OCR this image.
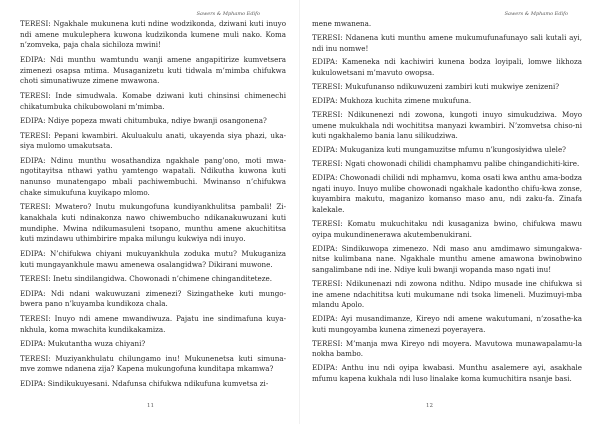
Sawers & Mphamo Edifo

TERESI: Ngakhale mukunena kuti ndine wodzikonda, dziwani kuti inuyo ndi amene mukulephera kuwona kudzikonda kumene muli nako. Koma n’zomveka, paja chala sichiloza mwini!

EDIPA: Ndi munthu wamtundu wanji amene angapitirize kumvetsera zimenezi osapsa mtima. Musaganizetu kuti tidwala m’mimba chifukwa choti simunatiwuze zimene mwawona.

TERESI: Inde simudwala. Komabe dziwani kuti chinsinsi chimenechi chikatumbuka chikubowolani m’mimba.

EDIPA: Ndiye popeza mwati chitumbuka, ndiye bwanji osangonena?

TERESI: Pepani kwambiri. Akuluakulu anati, ukayenda siya phazi, uka-siya mulomo umakutsata.

EDIPA: Ndinu munthu wosathandiza ngakhale pang’ono, moti mwa-ngotitayitsa nthawi yathu yamtengo wapatali. Ndikutha kuwona kuti nanunso munatengapo mbali pachiwembuchi. Mwinanso n’chifukwa chake simukufuna kuyikapo mlomo.

TERESI: Mwatero? Inutu mukungofuna kundiyankhulitsa pambali! Zi-kanakhala kuti ndinakonza nawo chiwembucho ndikanakuwuzani kuti mundiphe. Mwina ndikumasuleni tsopano, munthu amene akuchititsa kuti mzindawu uthimbirire mpaka milungu kukwiya ndi inuyo.

EDIPA: N’chifukwa chiyani mukuyankhula zoduka mutu? Mukuganiza kuti mungayankhule mawu amenewa osalangidwa? Dikirani muwone.

TERESI: Inetu sindilangidwa. Chowonadi n’chimene chinganditeteze.

EDIPA: Ndi ndani wakuwuzani zimenezi? Sizingatheke kuti mungo-bwera pano n’kuyamba kundikoza chala.

TERESI: Inuyo ndi amene mwandiwuza. Pajatu ine sindimafuna kuya-nkhula, koma mwachita kundikakamiza.

EDIPA: Mukutantha wuza chiyani?

TERESI: Muziyankhulatu chilungamo inu! Mukunenetsa kuti simuna-mve zomwe ndanena zija? Kapena mukungofuna kunditapa mkamwa?

EDIPA: Sindikukuyesani. Ndafunsa chifukwa ndikufuna kumvetsa zi-

11
Sawers & Mphamo Edifo

mene mwanena.

TERESI: Ndanena kuti munthu amene mukumufunafunayo sali kutali ayi, ndi inu nomwe!

EDIPA: Kameneka ndi kachiwiri kunena bodza loyipali, lomwe likhoza kukulowetsani m’mavuto owopsa.

TERESI: Mukufunanso ndikuwuzeni zambiri kuti mukwiye zenizeni?

EDIPA: Mukhoza kuchita zimene mukufuna.

TERESI: Ndikunenezi ndi zowona, kungoti inuyo simukudziwa. Moyo umene mukukhala ndi wochititsa manyazi kwambiri. N’zomvetsa chiso-ni kuti ngakhalemo bania lanu silikudziwa.

EDIPA: Mukuganiza kuti mungamuzitse mfumu n’kungosiyidwa ulele?

TERESI: Ngati chowonadi chilidi champhamvu palibe chingandichiti-kire.

EDIPA: Chowonadi chilidi ndi mphamvu, koma osati kwa anthu ama-bodza ngati inuyo. Inuyo mulibe chowonadi ngakhale kadontho chifu-kwa zonse, kuyambira makutu, maganizo komanso maso anu, ndi zaku-fa. Zinafa kalekale.

TERESI: Komatu mukuchitaku ndi kusaganiza bwino, chifukwa mawu oyipa mukundinenerawa akutembenukirani.

EDIPA: Sindikuwopa zimenezo. Ndi maso anu amdimawo simungakwa-nitse kulimbana nane. Ngakhale munthu amene amawona bwinobwino sangalimbane ndi ine. Ndiye kuli bwanji wopanda maso ngati inu!

TERESI: Ndikunenazi ndi zowona ndithu. Ndipo musade ine chifukwa si ine amene ndachititsa kuti mukumane ndi tsoka limeneli. Muzimuyi-mba mlandu Apolo.

EDIPA: Ayi musandimanze, Kireyo ndi amene wakutumani, n’zosathe-ka kuti mungoyamba kunena zimenezi poyerayera.

TERESI: M’manja mwa Kireyo ndi moyera. Mavutowa munawapalamu-la nokha bambo.

EDIPA: Anthu inu ndi oyipa kwabasi. Munthu asalemere ayi, asakhale mfumu kapena kukhala ndi luso linalake koma kumuchitira nsanje basi.

12
